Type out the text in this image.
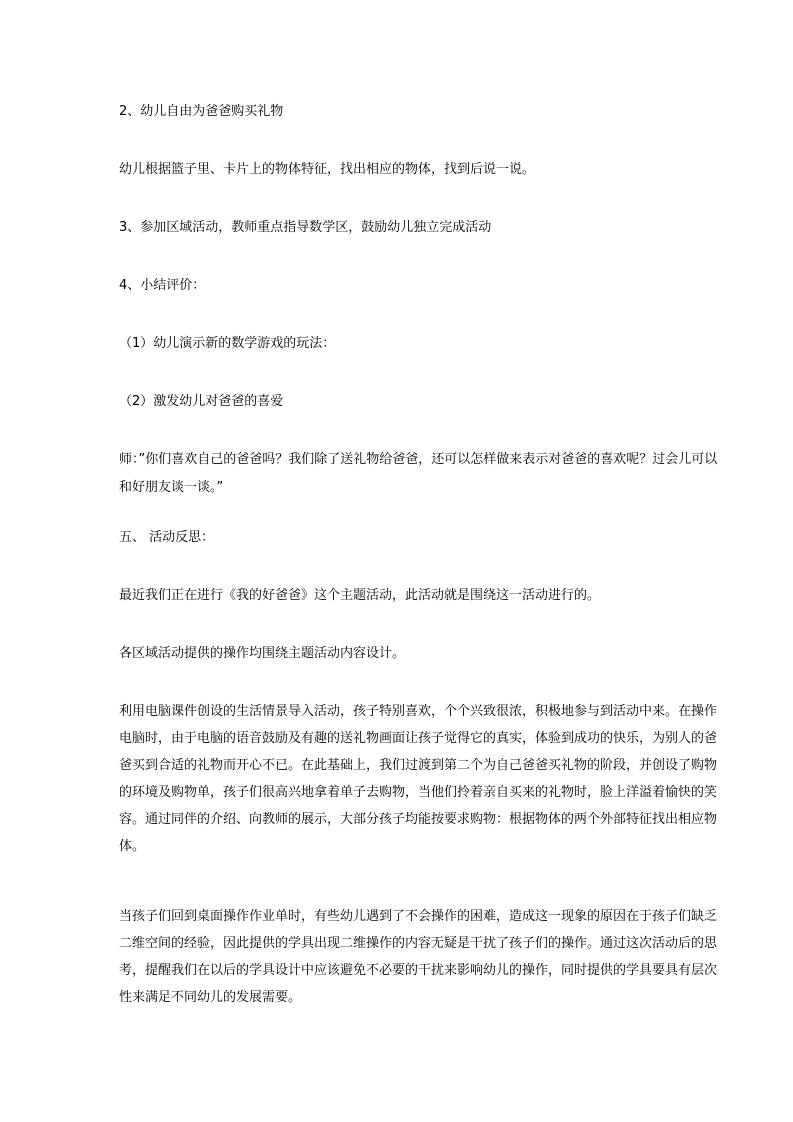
2、幼儿自由为爸爸购买礼物

幼儿根据篮子里、卡片上的物体特征，找出相应的物体，找到后说一说。

3、参加区域活动，教师重点指导数学区，鼓励幼儿独立完成活动

4、小结评价：

（1）幼儿演示新的数学游戏的玩法：

（2）激发幼儿对爸爸的喜爱

师：”你们喜欢自己的爸爸吗？我们除了送礼物给爸爸，还可以怎样做来表示对爸爸的喜欢呢？过会儿可以

和好朋友谈一谈。”

五、 活动反思：

最近我们正在进行《我的好爸爸》这个主题活动，此活动就是围绕这一活动进行的。

各区域活动提供的操作均围绕主题活动内容设计。

利用电脑课件创设的生活情景导入活动，孩子特别喜欢，个个兴致很浓，积极地参与到活动中来。在操作

电脑时，由于电脑的语音鼓励及有趣的送礼物画面让孩子觉得它的真实，体验到成功的快乐，为别人的爸

爸买到合适的礼物而开心不已。在此基础上，我们过渡到第二个为自己爸爸买礼物的阶段，并创设了购物

的环境及购物单，孩子们很高兴地拿着单子去购物，当他们拎着亲自买来的礼物时，脸上洋溢着愉快的笑

容。通过同伴的介绍、向教师的展示，大部分孩子均能按要求购物：根据物体的两个外部特征找出相应物

体。

当孩子们回到桌面操作作业单时，有些幼儿遇到了不会操作的困难，造成这一现象的原因在于孩子们缺乏

二维空间的经验，因此提供的学具出现二维操作的内容无疑是干扰了孩子们的操作。通过这次活动后的思

考，提醒我们在以后的学具设计中应该避免不必要的干扰来影响幼儿的操作，同时提供的学具要具有层次

性来满足不同幼儿的发展需要。
